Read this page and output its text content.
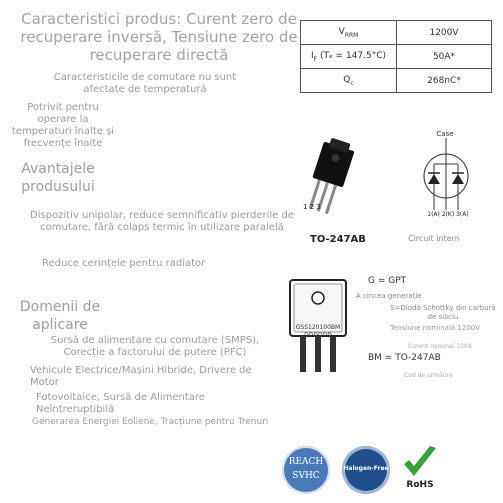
Caracteristici produs: Curent zero de recuperare inversă, Tensiune zero de recuperare directă
Caracteristicile de comutare nu sunt afectate de temperatură
Potrivit pentru operare la temperaturi înalte și frecvențe înalte
$V_{RRM}$	1200V
$I_F$ (Tₑ = 147.5°C)	50A*
$Q_c$	268nC*
Avantajele produsului
Dispozitiv unipolar, reduce semnificativ pierderile de comutare, fără colaps termic în utilizare paralelă
Reduce cerințele pentru radiator
1 2 3
TO-247AB
Case
1(A) 2(K) 3(A)
Circuit intern
GSS120100BM
DDDDDD
G = GPT
A cincea generație
S=Diodă Schottky din carbură de siliciu
Tensiune nominală 1200V
Curent nominal 100A
BM = TO-247AB
Cod de urmărire
Domenii de aplicare
Sursă de alimentare cu comutare (SMPS), Corecție a factorului de putere (PFC)
Vehicule Electrice/Mașini Hibride, Drivere de Motor
Fotovoltaice, Sursă de Alimentare Neîntreruptibilă
Generarea Energiei Eoliene, Tracțiune pentru Trenuri
REACH
SVHC
Halogen-Free
RoHS
